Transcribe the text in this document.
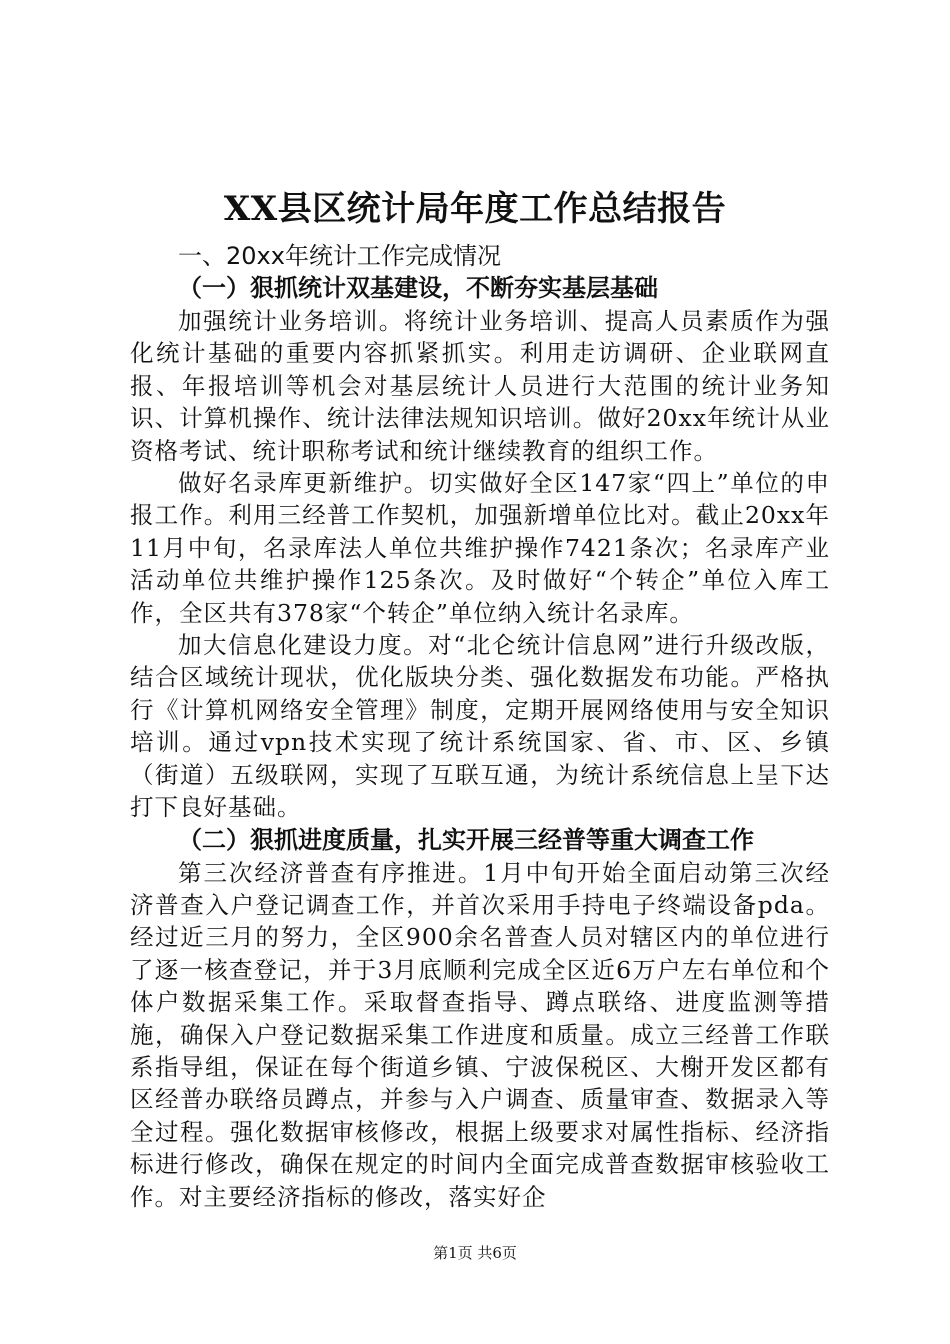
XX县区统计局年度工作总结报告

一、20xx年统计工作完成情况

（一）狠抓统计双基建设，不断夯实基层基础

加强统计业务培训。将统计业务培训、提高人员素质作为强化统计基础的重要内容抓紧抓实。利用走访调研、企业联网直报、年报培训等机会对基层统计人员进行大范围的统计业务知识、计算机操作、统计法律法规知识培训。做好20xx年统计从业资格考试、统计职称考试和统计继续教育的组织工作。

做好名录库更新维护。切实做好全区147家“四上”单位的申报工作。利用三经普工作契机，加强新增单位比对。截止20xx年11月中旬，名录库法人单位共维护操作7421条次；名录库产业活动单位共维护操作125条次。及时做好“个转企”单位入库工作，全区共有378家“个转企”单位纳入统计名录库。

加大信息化建设力度。对“北仑统计信息网”进行升级改版，结合区域统计现状，优化版块分类、强化数据发布功能。严格执行《计算机网络安全管理》制度，定期开展网络使用与安全知识培训。通过vpn技术实现了统计系统国家、省、市、区、乡镇（街道）五级联网，实现了互联互通，为统计系统信息上呈下达打下良好基础。

（二）狠抓进度质量，扎实开展三经普等重大调查工作

第三次经济普查有序推进。1月中旬开始全面启动第三次经济普查入户登记调查工作，并首次采用手持电子终端设备pda。经过近三月的努力，全区900余名普查人员对辖区内的单位进行了逐一核查登记，并于3月底顺利完成全区近6万户左右单位和个体户数据采集工作。采取督查指导、蹲点联络、进度监测等措施，确保入户登记数据采集工作进度和质量。成立三经普工作联系指导组，保证在每个街道乡镇、宁波保税区、大榭开发区都有区经普办联络员蹲点，并参与入户调查、质量审查、数据录入等全过程。强化数据审核修改，根据上级要求对属性指标、经济指标进行修改，确保在规定的时间内全面完成普查数据审核验收工作。对主要经济指标的修改，落实好企

第1页 共6页
